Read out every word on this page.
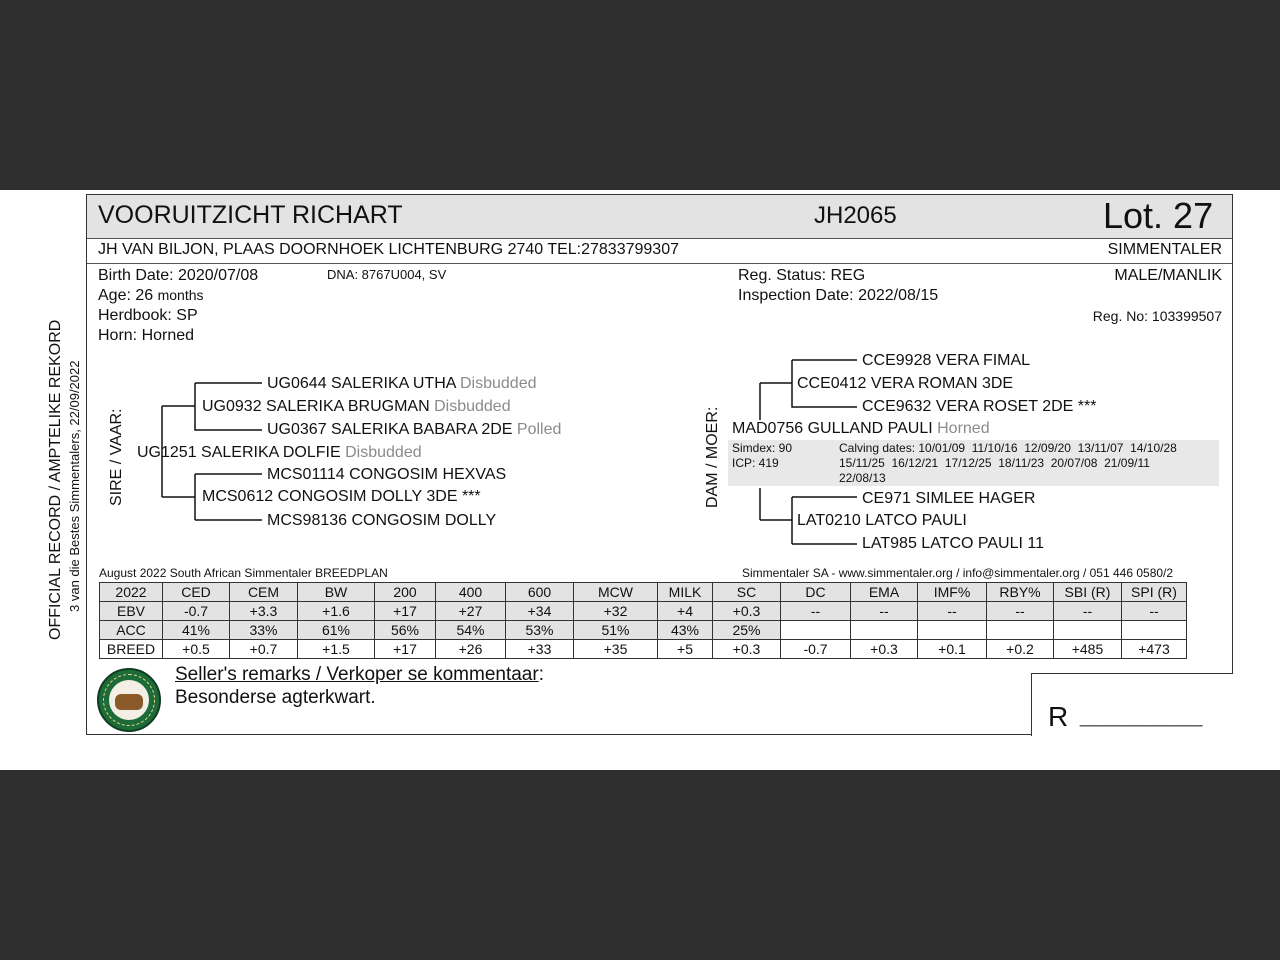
VOORUITZICHT RICHART	JH2065	Lot. 27
JH VAN BILJON, PLAAS DOORNHOEK LICHTENBURG 2740 TEL:27833799307	SIMMENTALER
Birth Date: 2020/07/08	DNA: 8767U004, SV
Age: 26 months
Herdbook: SP
Horn: Horned
Reg. Status: REG
Inspection Date: 2022/08/15
MALE/MANLIK
Reg. No: 103399507
OFFICIAL RECORD / AMPTELIKE REKORD 3 van die Bestes Simmentalers, 22/09/2022 SIRE / VAAR:	DAM / MOER:
UG0644 SALERIKA UTHA Disbudded
UG0932 SALERIKA BRUGMAN Disbudded
UG0367 SALERIKA BABARA 2DE Polled
UG1251 SALERIKA DOLFIE Disbudded
MCS01114 CONGOSIM HEXVAS
MCS0612 CONGOSIM DOLLY 3DE ***
MCS98136 CONGOSIM DOLLY
CCE9928 VERA FIMAL
CCE0412 VERA ROMAN 3DE
CCE9632 VERA ROSET 2DE ***
MAD0756 GULLAND PAULI Horned
Simdex: 90
ICP: 419
Calving dates: 10/01/09  11/10/16  12/09/20  13/11/07  14/10/28
15/11/25  16/12/21  17/12/25  18/11/23  20/07/08  21/09/11
22/08/13
CE971 SIMLEE HAGER
LAT0210 LATCO PAULI
LAT985 LATCO PAULI 11
August 2022 South African Simmentaler BREEDPLAN	Simmentaler SA - www.simmentaler.org / info@simmentaler.org / 051 446 0580/2
2022	CED	CEM	BW	200	400	600	MCW	MILK	SC	DC	EMA	IMF%	RBY%	SBI (R)	SPI (R)
EBV	-0.7	+3.3	+1.6	+17	+27	+34	+32	+4	+0.3	--	--	--	--	--	--
ACC	41%	33%	61%	56%	54%	53%	51%	43%	25%						
BREED	+0.5	+0.7	+1.5	+17	+26	+33	+35	+5	+0.3	-0.7	+0.3	+0.1	+0.2	+485	+473
Seller's remarks / Verkoper se kommentaar:
Besonderse agterkwart.
R __________
